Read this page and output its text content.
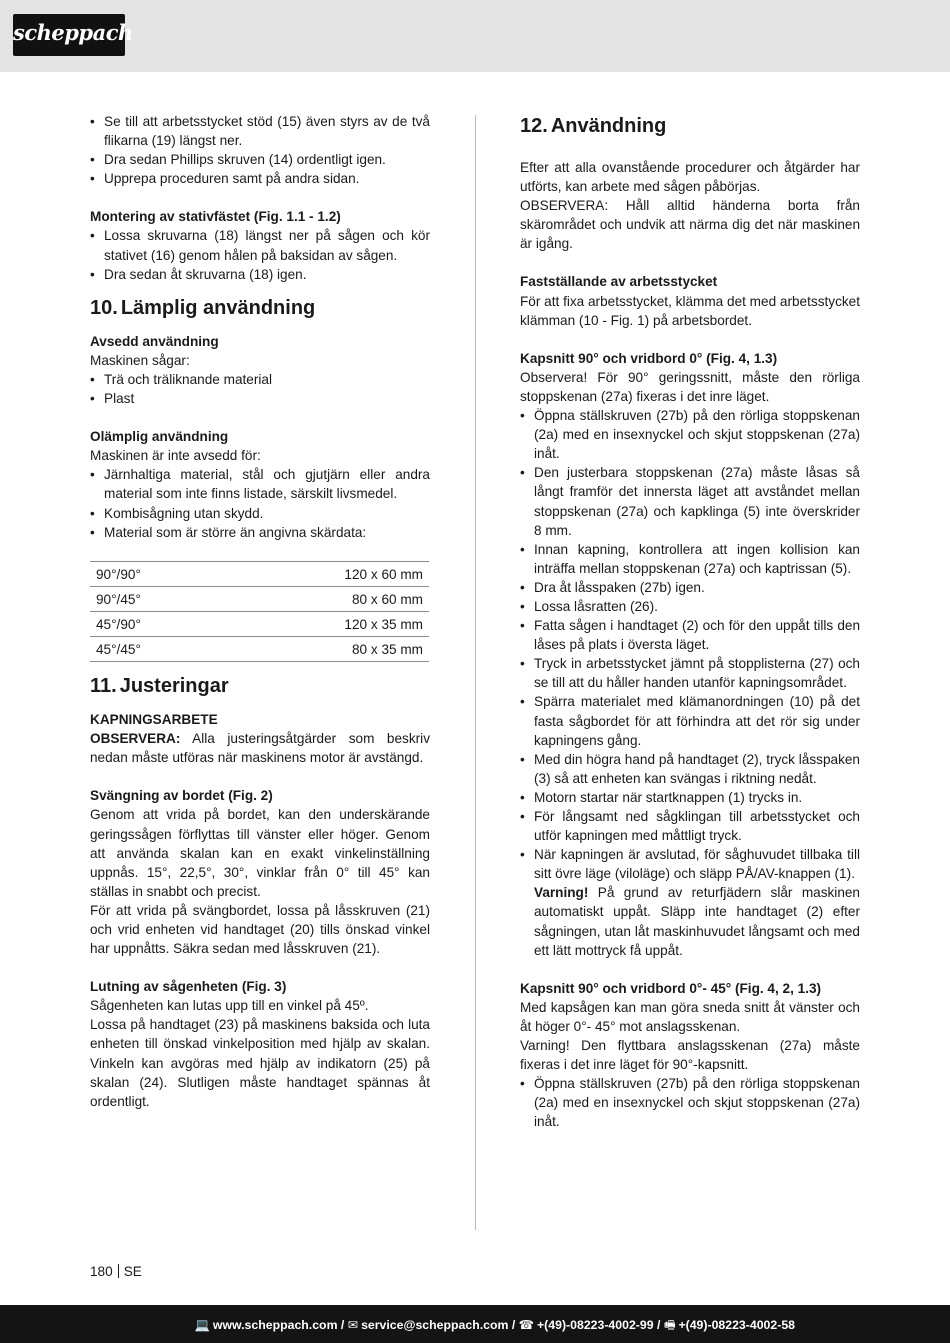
scheppach
• Se till att arbetsstycket stöd (15) även styrs av de två flikarna (19) längst ner.
• Dra sedan Phillips skruven (14) ordentligt igen.
• Upprepa proceduren samt på andra sidan.

Montering av stativfästet (Fig. 1.1 - 1.2)

• Lossa skruvarna (18) längst ner på sågen och kör stativet (16) genom hålen på baksidan av sågen.
• Dra sedan åt skruvarna (18) igen.
10. Lämplig användning

Avsedd användning

Maskinen sågar:

• Trä och träliknande material
• Plast

Olämplig användning

Maskinen är inte avsedd för:

• Järnhaltiga material, stål och gjutjärn eller andra material som inte finns listade, särskilt livsmedel.
• Kombisågning utan skydd.
• Material som är större än angivna skärdata:
90°/90°	120 x 60 mm
90°/45°	80 x 60 mm
45°/90°	120 x 35 mm
45°/45°	80 x 35 mm
11. Justeringar

KAPNINGSARBETE

OBSERVERA: Alla justeringsåtgärder som beskriv nedan måste utföras när maskinens motor är avstängd.

Svängning av bordet (Fig. 2)

Genom att vrida på bordet, kan den underskärande geringssågen förflyttas till vänster eller höger. Genom att använda skalan kan en exakt vinkelinställning uppnås. 15°, 22,5°, 30°, vinklar från 0° till 45° kan ställas in snabbt och precist.

För att vrida på svängbordet, lossa på låsskruven (21) och vrid enheten vid handtaget (20) tills önskad vinkel har uppnåtts. Säkra sedan med låsskruven (21).

Lutning av sågenheten (Fig. 3)

Sågenheten kan lutas upp till en vinkel på 45º.

Lossa på handtaget (23) på maskinens baksida och luta enheten till önskad vinkelposition med hjälp av skalan. Vinkeln kan avgöras med hjälp av indikatorn (25) på skalan (24). Slutligen måste handtaget spännas åt ordentligt.

12. Användning

Efter att alla ovanstående procedurer och åtgärder har utförts, kan arbete med sågen påbörjas.

OBSERVERA: Håll alltid händerna borta från skärområdet och undvik att närma dig det när maskinen är igång.

Fastställande av arbetsstycket

För att fixa arbetsstycket, klämma det med arbetsstycket klämman (10 - Fig. 1) på arbetsbordet.

Kapsnitt 90° och vridbord 0° (Fig. 4, 1.3)

Observera! För 90° geringssnitt, måste den rörliga stoppskenan (27a) fixeras i det inre läget.

• Öppna ställskruven (27b) på den rörliga stoppskenan (2a) med en insexnyckel och skjut stoppskenan (27a) inåt.
• Den justerbara stoppskenan (27a) måste låsas så långt framför det innersta läget att avståndet mellan stoppskenan (27a) och kapklinga (5) inte överskrider 8 mm.
• Innan kapning, kontrollera att ingen kollision kan inträffa mellan stoppskenan (27a) och kaptrissan (5).
• Dra åt låsspaken (27b) igen.
• Lossa låsratten (26).
• Fatta sågen i handtaget (2) och för den uppåt tills den låses på plats i översta läget.
• Tryck in arbetsstycket jämnt på stopplisterna (27) och se till att du håller handen utanför kapningsområdet.
• Spärra materialet med klämanordningen (10) på det fasta sågbordet för att förhindra att det rör sig under kapningens gång.
• Med din högra hand på handtaget (2), tryck låsspaken (3) så att enheten kan svängas i riktning nedåt.
• Motorn startar när startknappen (1) trycks in.
• För långsamt ned sågklingan till arbetsstycket och utför kapningen med måttligt tryck.
• När kapningen är avslutad, för såghuvudet tillbaka till sitt övre läge (viloläge) och släpp PÅ/AV-knappen (1).

Varning! På grund av returfjädern slår maskinen automatiskt uppåt. Släpp inte handtaget (2) efter sågningen, utan låt maskinhuvudet långsamt och med ett lätt mottryck få uppåt.

Kapsnitt 90° och vridbord 0°- 45° (Fig. 4, 2, 1.3)

Med kapsågen kan man göra sneda snitt åt vänster och åt höger 0°- 45° mot anslagsskenan.

Varning! Den flyttbara anslagsskenan (27a) måste fixeras i det inre läget för 90°-kapsnitt.

• Öppna ställskruven (27b) på den rörliga stoppskenan (2a) med en insexnyckel och skjut stoppskenan (27a) inåt.
180 SE
💻 www.scheppach.com / ✉ service@scheppach.com / ☎ +(49)-08223-4002-99 / 🖷 +(49)-08223-4002-58
